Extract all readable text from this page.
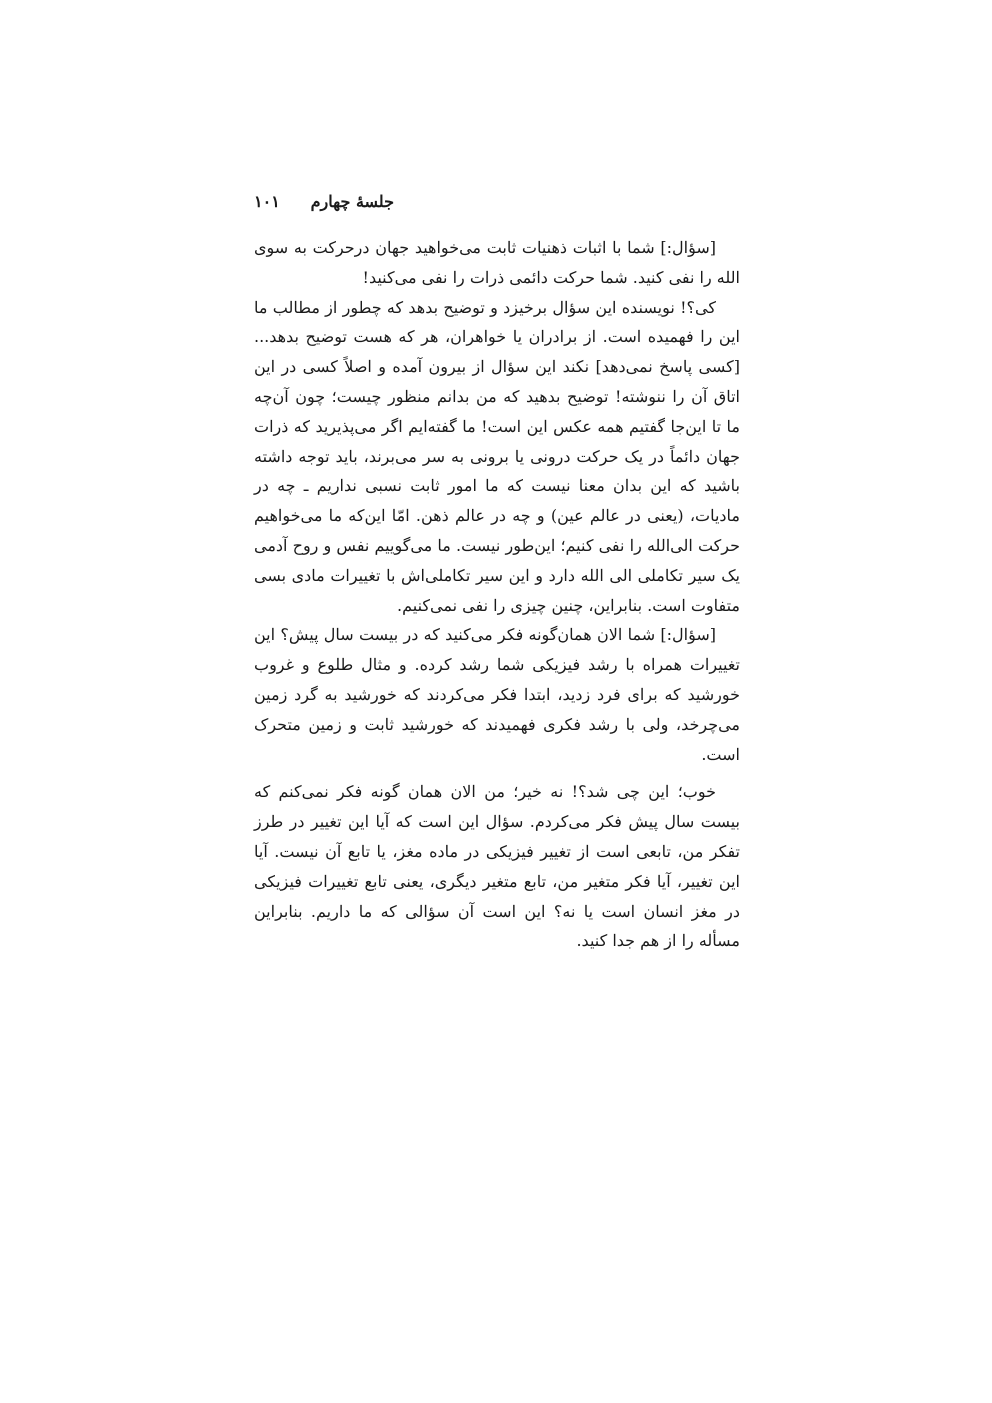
جلسۀ چهارم
۱۰۱

[سؤال:] شما با اثبات ذهنیات ثابت می‌خواهید جهان درحرکت به سوی الله را نفی کنید. شما حرکت دائمی ذرات را نفی می‌کنید!

کی؟! نویسنده این سؤال برخیزد و توضیح بدهد که چطور از مطالب ما این را فهمیده است. از برادران یا خواهران، هر که هست توضیح بدهد...[کسی پاسخ نمی‌دهد] نکند این سؤال از بیرون آمده و اصلاً کسی در این اتاق آن را ننوشته! توضیح بدهید که من بدانم منظور چیست؛ چون آن‌چه ما تا این‌جا گفتیم همه عکس این است! ما گفته‌ایم اگر می‌پذیرید که ذرات جهان دائماً در یک حرکت درونی یا برونی به سر می‌برند، باید توجه داشته باشید که این بدان معنا نیست که ما امور ثابت نسبی نداریم ـ چه در مادیات، (یعنی در عالم عین) و چه در عالم ذهن. امّا این‌که ما می‌خواهیم حرکت الی‌الله را نفی کنیم؛ این‌طور نیست. ما می‌گوییم نفس و روح آدمی یک سیر تکاملی الی الله دارد و این سیر تکاملی‌اش با تغییرات مادی بسی متفاوت است. بنابراین، چنین چیزی را نفی نمی‌کنیم.

[سؤال:] شما الان همان‌گونه فکر می‌کنید که در بیست سال پیش؟ این تغییرات همراه با رشد فیزیکی شما رشد کرده. و مثال طلوع و غروب خورشید که برای فرد زدید، ابتدا فکر می‌کردند که خورشید به گرد زمین می‌چرخد، ولی با رشد فکری فهمیدند که خورشید ثابت و زمین متحرک است.

خوب؛ این چی شد؟! نه خیر؛ من الان همان گونه فکر نمی‌کنم که بیست سال پیش فکر می‌کردم. سؤال این است که آیا این تغییر در طرز تفکر من، تابعی است از تغییر فیزیکی در ماده مغز، یا تابع آن نیست. آیا این تغییر، آیا فکر متغیر من، تابع متغیر دیگری، یعنی تابع تغییرات فیزیکی در مغز انسان است یا نه؟ این است آن سؤالی که ما داریم. بنابراین مسأله را از هم جدا کنید.
